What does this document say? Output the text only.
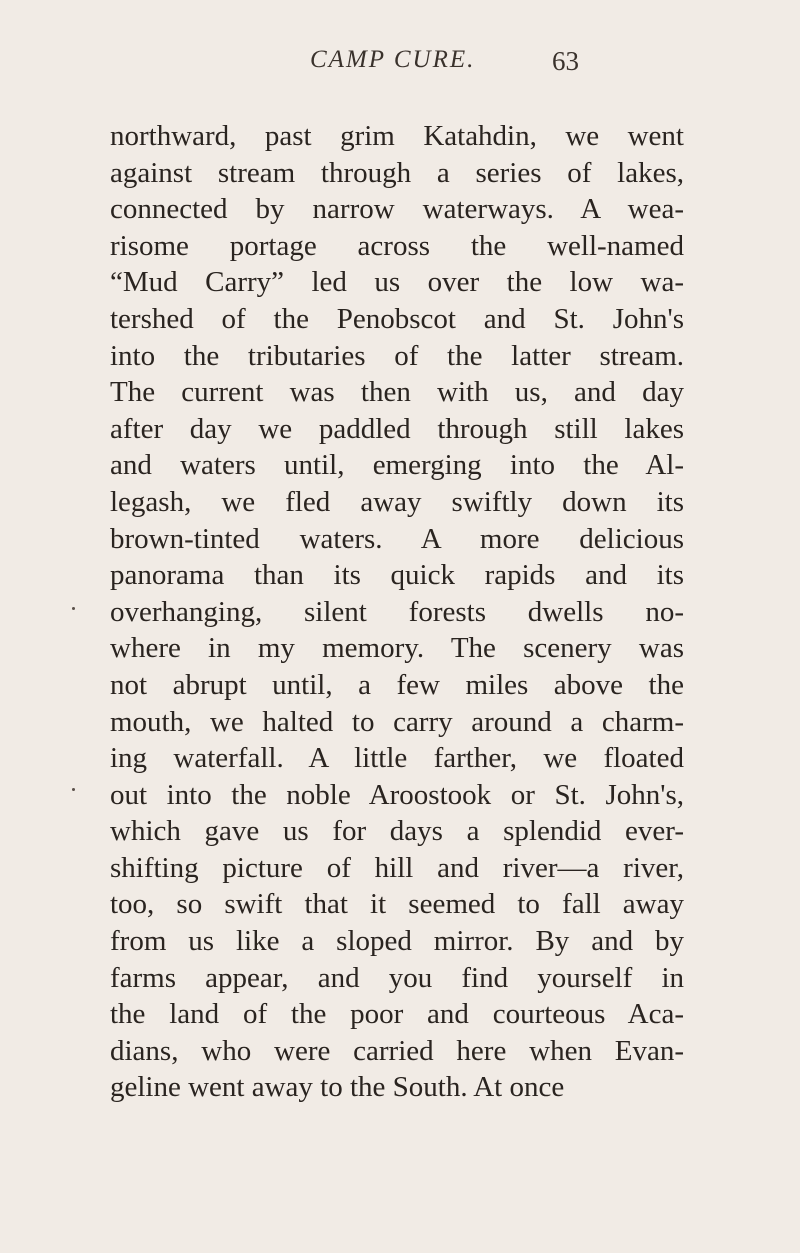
CAMP CURE.	63
northward, past grim Katahdin, we went
against stream through a series of lakes,
connected by narrow waterways. A wea-
risome portage across the well-named
“Mud Carry” led us over the low wa-
tershed of the Penobscot and St. John's
into the tributaries of the latter stream.
The current was then with us, and day
after day we paddled through still lakes
and waters until, emerging into the Al-
legash, we fled away swiftly down its
brown-tinted waters. A more delicious
panorama than its quick rapids and its
overhanging, silent forests dwells no-
where in my memory. The scenery was
not abrupt until, a few miles above the
mouth, we halted to carry around a charm-
ing waterfall. A little farther, we floated
out into the noble Aroostook or St. John's,
which gave us for days a splendid ever-
shifting picture of hill and river—a river,
too, so swift that it seemed to fall away
from us like a sloped mirror. By and by
farms appear, and you find yourself in
the land of the poor and courteous Aca-
dians, who were carried here when Evan-
geline went away to the South. At once
